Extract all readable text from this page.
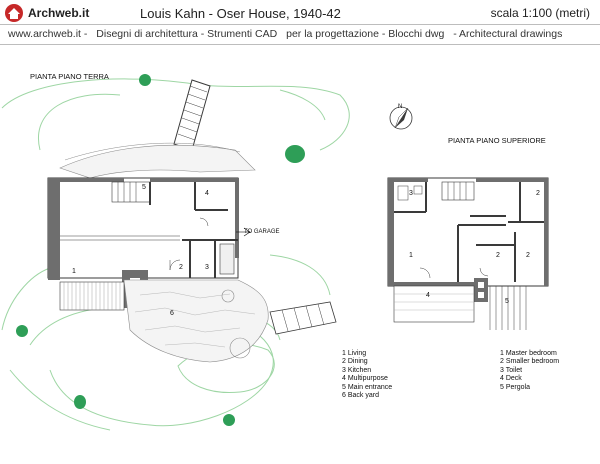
Archweb.it	Louis Kahn - Oser House, 1940-42	scala 1:100 (metri)
www.archweb.it - Disegni di architettura - Strumenti CAD per la progettazione - Blocchi dwg - Architectural drawings
PIANTA PIANO TERRA
PIANTA PIANO SUPERIORE
N
TO GARAGE
1
2	3
4
5
6
1	2	2
2
3
4
5
1 Living
2 Dining
3 Kitchen
4 Multipurpose
5 Main entrance
6 Back yard
1 Master bedroom
2 Smaller bedroom
3 Toilet
4 Deck
5 Pergola
